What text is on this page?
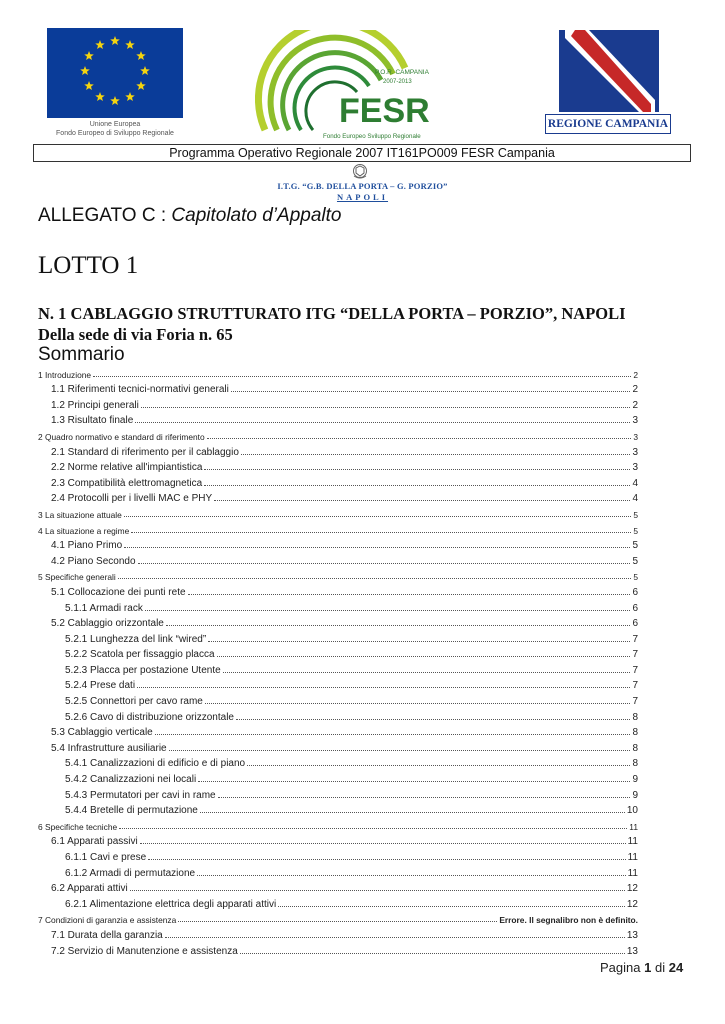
Unione Europea
Fondo Europeo di Sviluppo Regionale
P.O.R. CAMPANIA
2007-2013
FESR
Fondo Europeo Sviluppo Regionale
REGIONE CAMPANIA
Programma Operativo Regionale 2007 IT161PO009 FESR Campania
I.T.G. “G.B. DELLA PORTA – G. PORZIO”
NAPOLI
ALLEGATO C : Capitolato d’Appalto
LOTTO 1
N. 1 CABLAGGIO STRUTTURATO ITG “DELLA PORTA – PORZIO”, NAPOLI
Della sede di via Foria n. 65
Sommario
1 Introduzione	2
1.1 Riferimenti tecnici-normativi generali	2
1.2 Principi generali	2
1.3 Risultato finale	3
2 Quadro normativo e standard di riferimento	3
2.1 Standard di riferimento per il cablaggio	3
2.2 Norme relative all'impiantistica	3
2.3 Compatibilità elettromagnetica	4
2.4 Protocolli per i livelli MAC e PHY	4
3 La situazione attuale	5
4 La situazione a regime	5
4.1 Piano Primo	5
4.2 Piano Secondo	5
5 Specifiche generali	5
5.1 Collocazione dei punti rete	6
5.1.1 Armadi rack	6
5.2 Cablaggio orizzontale	6
5.2.1 Lunghezza del link “wired”	7
5.2.2 Scatola per fissaggio placca	7
5.2.3 Placca per postazione Utente	7
5.2.4 Prese dati	7
5.2.5 Connettori per cavo rame	7
5.2.6 Cavo di distribuzione orizzontale	8
5.3 Cablaggio verticale	8
5.4 Infrastrutture ausiliarie	8
5.4.1 Canalizzazioni di edificio e di piano	8
5.4.2 Canalizzazioni nei locali	9
5.4.3 Permutatori per cavi in rame	9
5.4.4 Bretelle di permutazione	10
6 Specifiche tecniche	11
6.1 Apparati passivi	11
6.1.1 Cavi e prese	11
6.1.2 Armadi di permutazione	11
6.2 Apparati attivi	12
6.2.1 Alimentazione elettrica degli apparati attivi	12
7 Condizioni di garanzia e assistenza	Errore. Il segnalibro non è definito.
7.1 Durata della garanzia	13
7.2 Servizio di Manutenzione e assistenza	13
Pagina 1 di 24
